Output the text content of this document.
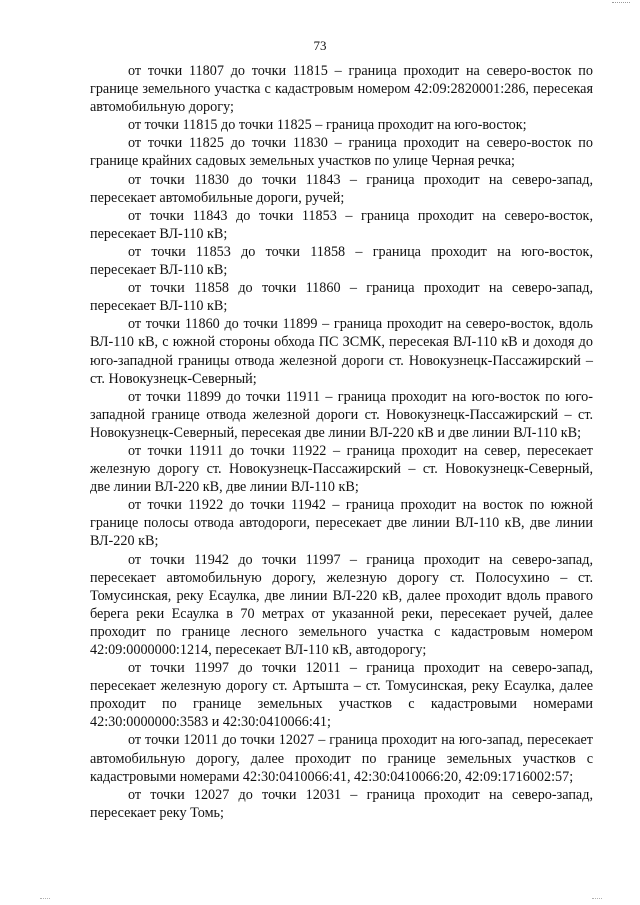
73

от точки 11807 до точки 11815 – граница проходит на северо-восток по границе земельного участка с кадастровым номером 42:09:2820001:286, пересекая автомобильную дорогу;

от точки 11815 до точки 11825 – граница проходит на юго-восток;

от точки 11825 до точки 11830 – граница проходит на северо-восток по границе крайних садовых земельных участков по улице Черная речка;

от точки 11830 до точки 11843 – граница проходит на северо-запад, пересекает автомобильные дороги, ручей;

от точки 11843 до точки 11853 – граница проходит на северо-восток, пересекает ВЛ-110 кВ;

от точки 11853 до точки 11858 – граница проходит на юго-восток, пересекает ВЛ-110 кВ;

от точки 11858 до точки 11860 – граница проходит на северо-запад, пересекает ВЛ-110 кВ;

от точки 11860 до точки 11899 – граница проходит на северо-восток, вдоль ВЛ-110 кВ, с южной стороны обхода ПС ЗСМК, пересекая ВЛ-110 кВ и доходя до юго-западной границы отвода железной дороги ст. Новокузнецк-Пассажирский – ст. Новокузнецк-Северный;

от точки 11899 до точки 11911 – граница проходит на юго-восток по юго-западной границе отвода железной дороги ст. Новокузнецк-Пассажирский – ст. Новокузнецк-Северный, пересекая две линии ВЛ-220 кВ и две линии ВЛ-110 кВ;

от точки 11911 до точки 11922 – граница проходит на север, пересекает железную дорогу ст. Новокузнецк-Пассажирский – ст. Новокузнецк-Северный, две линии ВЛ-220 кВ, две линии ВЛ-110 кВ;

от точки 11922 до точки 11942 – граница проходит на восток по южной границе полосы отвода автодороги, пересекает две линии ВЛ-110 кВ, две линии ВЛ-220 кВ;

от точки 11942 до точки 11997 – граница проходит на северо-запад, пересекает автомобильную дорогу, железную дорогу ст. Полосухино – ст. Томусинская, реку Есаулка, две линии ВЛ-220 кВ, далее проходит вдоль правого берега реки Есаулка в 70 метрах от указанной реки, пересекает ручей, далее проходит по границе лесного земельного участка с кадастровым номером 42:09:0000000:1214, пересекает ВЛ-110 кВ, автодорогу;

от точки 11997 до точки 12011 – граница проходит на северо-запад, пересекает железную дорогу ст. Артышта – ст. Томусинская, реку Есаулка, далее проходит по границе земельных участков с кадастровыми номерами 42:30:0000000:3583 и 42:30:0410066:41;

от точки 12011 до точки 12027 – граница проходит на юго-запад, пересекает автомобильную дорогу, далее проходит по границе земельных участков с кадастровыми номерами 42:30:0410066:41, 42:30:0410066:20, 42:09:1716002:57;

от точки 12027 до точки 12031 – граница проходит на северо-запад, пересекает реку Томь;
